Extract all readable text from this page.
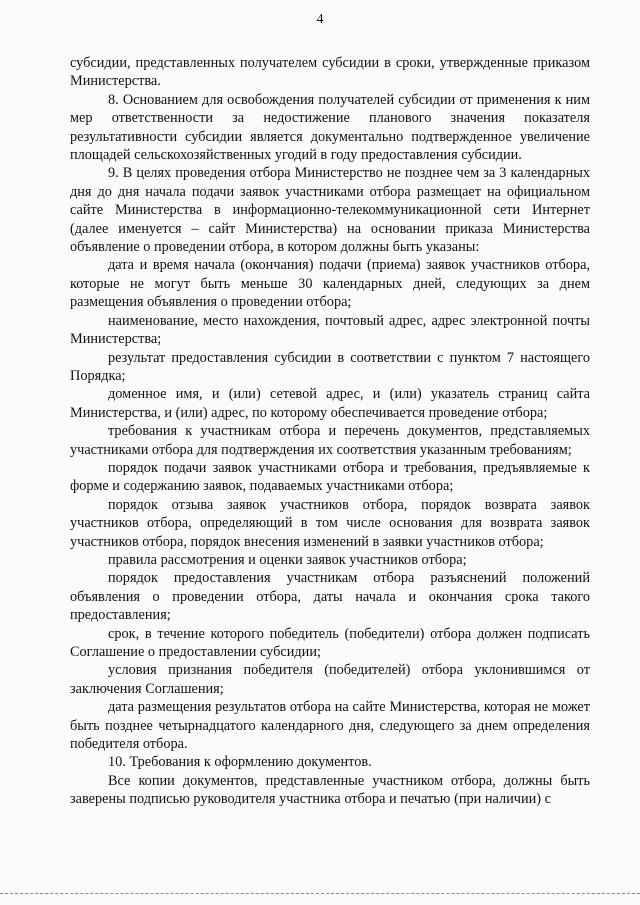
4

субсидии, представленных получателем субсидии в сроки, утвержденные приказом Министерства.

8. Основанием для освобождения получателей субсидии от применения к ним мер ответственности за недостижение планового значения показателя результативности субсидии является документально подтвержденное увеличение площадей сельскохозяйственных угодий в году предоставления субсидии.

9. В целях проведения отбора Министерство не позднее чем за 3 календарных дня до дня начала подачи заявок участниками отбора размещает на официальном сайте Министерства в информационно-телекоммуникационной сети Интернет (далее именуется – сайт Министерства) на основании приказа Министерства объявление о проведении отбора, в котором должны быть указаны:

дата и время начала (окончания) подачи (приема) заявок участников отбора, которые не могут быть меньше 30 календарных дней, следующих за днем размещения объявления о проведении отбора;

наименование, место нахождения, почтовый адрес, адрес электронной почты Министерства;

результат предоставления субсидии в соответствии с пунктом 7 настоящего Порядка;

доменное имя, и (или) сетевой адрес, и (или) указатель страниц сайта Министерства, и (или) адрес, по которому обеспечивается проведение отбора;

требования к участникам отбора и перечень документов, представляемых участниками отбора для подтверждения их соответствия указанным требованиям;

порядок подачи заявок участниками отбора и требования, предъявляемые к форме и содержанию заявок, подаваемых участниками отбора;

порядок отзыва заявок участников отбора, порядок возврата заявок участников отбора, определяющий в том числе основания для возврата заявок участников отбора, порядок внесения изменений в заявки участников отбора;

правила рассмотрения и оценки заявок участников отбора;

порядок предоставления участникам отбора разъяснений положений объявления о проведении отбора, даты начала и окончания срока такого предоставления;

срок, в течение которого победитель (победители) отбора должен подписать Соглашение о предоставлении субсидии;

условия признания победителя (победителей) отбора уклонившимся от заключения Соглашения;

дата размещения результатов отбора на сайте Министерства, которая не может быть позднее четырнадцатого календарного дня, следующего за днем определения победителя отбора.

10. Требования к оформлению документов.

Все копии документов, представленные участником отбора, должны быть заверены подписью руководителя участника отбора и печатью (при наличии) с
